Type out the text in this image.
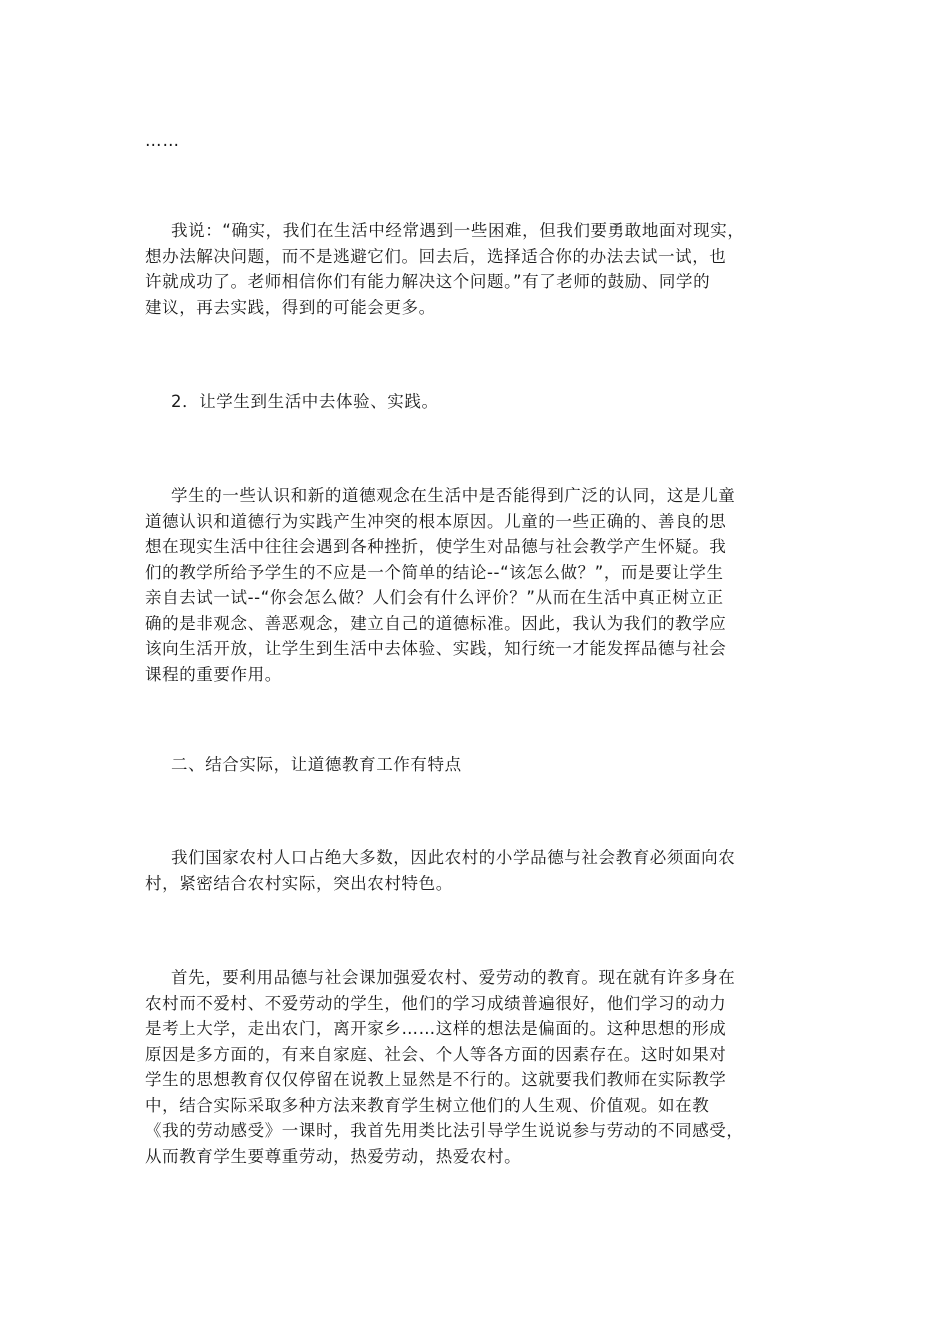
……
我说：“确实，我们在生活中经常遇到一些困难，但我们要勇敢地面对现实，
想办法解决问题，而不是逃避它们。回去后，选择适合你的办法去试一试，也
许就成功了。老师相信你们有能力解决这个问题。”有了老师的鼓励、同学的
建议，再去实践，得到的可能会更多。
2．让学生到生活中去体验、实践。
学生的一些认识和新的道德观念在生活中是否能得到广泛的认同，这是儿童
道德认识和道德行为实践产生冲突的根本原因。儿童的一些正确的、善良的思
想在现实生活中往往会遇到各种挫折，使学生对品德与社会教学产生怀疑。我
们的教学所给予学生的不应是一个简单的结论--“该怎么做？”，而是要让学生
亲自去试一试--“你会怎么做？人们会有什么评价？”从而在生活中真正树立正
确的是非观念、善恶观念，建立自己的道德标准。因此，我认为我们的教学应
该向生活开放，让学生到生活中去体验、实践，知行统一才能发挥品德与社会
课程的重要作用。
二、结合实际，让道德教育工作有特点
我们国家农村人口占绝大多数，因此农村的小学品德与社会教育必须面向农
村，紧密结合农村实际，突出农村特色。
首先，要利用品德与社会课加强爱农村、爱劳动的教育。现在就有许多身在
农村而不爱村、不爱劳动的学生，他们的学习成绩普遍很好，他们学习的动力
是考上大学，走出农门，离开家乡……这样的想法是偏面的。这种思想的形成
原因是多方面的，有来自家庭、社会、个人等各方面的因素存在。这时如果对
学生的思想教育仅仅停留在说教上显然是不行的。这就要我们教师在实际教学
中，结合实际采取多种方法来教育学生树立他们的人生观、价值观。如在教
《我的劳动感受》一课时，我首先用类比法引导学生说说参与劳动的不同感受，
从而教育学生要尊重劳动，热爱劳动，热爱农村。
